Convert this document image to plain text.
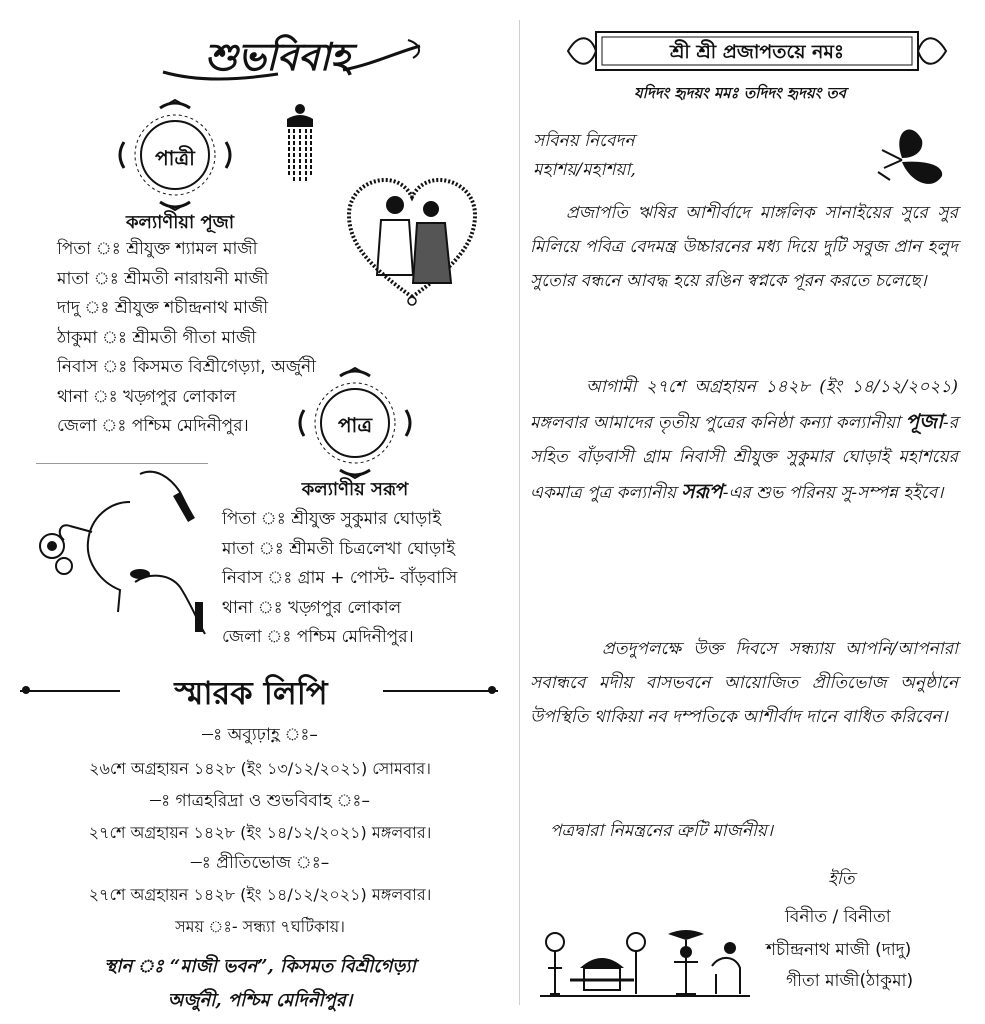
শুভবিবাহ
পাত্রী
কল্যাণীয়া পূজা
পিতা ঃ শ্রীযুক্ত শ্যামল মাজী
মাতা ঃ শ্রীমতী নারায়নী মাজী
দাদু ঃ শ্রীযুক্ত শচীন্দ্রনাথ মাজী
ঠাকুমা ঃ শ্রীমতী গীতা মাজী
নিবাস ঃ কিসমত বিশ্রীগেড়্যা, অর্জুনী
থানা ঃ খড়্গপুর লোকাল
জেলা ঃ পশ্চিম মেদিনীপুর।	পাত্র
কল্যাণীয় সরূপ
পিতা ঃ শ্রীযুক্ত সুকুমার ঘোড়াই
মাতা ঃ শ্রীমতী চিত্রলেখা ঘোড়াই
নিবাস ঃ গ্রাম + পোস্ট- বাঁড়বাসি
থানা ঃ খড়্গপুর লোকাল
জেলা ঃ পশ্চিম মেদিনীপুর।
স্মারক লিপি
–ঃ অব্যুঢ়াহ্ণ ঃ–
২৬শে অগ্রহায়ন ১৪২৮ (ইং ১৩/১২/২০২১) সোমবার।
–ঃ গাত্রহরিদ্রা ও শুভবিবাহ ঃ–
২৭শে অগ্রহায়ন ১৪২৮ (ইং ১৪/১২/২০২১) মঙ্গলবার।
–ঃ প্রীতিভোজ ঃ–
২৭শে অগ্রহায়ন ১৪২৮ (ইং ১৪/১২/২০২১) মঙ্গলবার।
সময় ঃ- সন্ধ্যা ৭ঘটিকায়।
স্থান ঃ “মাজী ভবন”, কিসমত বিশ্রীগেড়্যা
অর্জুনী, পশ্চিম মেদিনীপুর।
শ্রী শ্রী প্রজাপতয়ে নমঃ
যদিদং হৃদয়ং মমঃ তদিদং হৃদয়ং তব
সবিনয় নিবেদন
মহাশয়/মহাশয়া,
প্রজাপতি ঋষির আশীর্বাদে মাঙ্গলিক সানাইয়ের সুরে সুর মিলিয়ে পবিত্র বেদমন্ত্র উচ্চারনের মধ্য দিয়ে দুটি সবুজ প্রান হলুদ সুতোর বন্ধনে আবদ্ধ হয়ে রঙিন স্বপ্নকে পূরন করতে চলেছে।
আগামী ২৭শে অগ্রহায়ন ১৪২৮ (ইং ১৪/১২/২০২১) মঙ্গলবার আমাদের তৃতীয় পুত্রের কনিষ্ঠা কন্যা কল্যানীয়া পূজা-র সহিত বাঁড়বাসী গ্রাম নিবাসী শ্রীযুক্ত সুকুমার ঘোড়াই মহাশয়ের একমাত্র পুত্র কল্যানীয় সরূপ-এর শুভ পরিনয় সু-সম্পন্ন হইবে।
প্রতদুপলক্ষে উক্ত দিবসে সন্ধ্যায় আপনি/আপনারা সবান্ধবে মদীয় বাসভবনে আয়োজিত প্রীতিভোজ অনুষ্ঠানে উপস্থিতি থাকিয়া নব দম্পতিকে আশীর্বাদ দানে বাধিত করিবেন।
পত্রদ্বারা নিমন্ত্রনের ত্রুটি মার্জনীয়।
ইতি
বিনীত / বিনীতা
শচীন্দ্রনাথ মাজী (দাদু)
গীতা মাজী(ঠাকুমা)
